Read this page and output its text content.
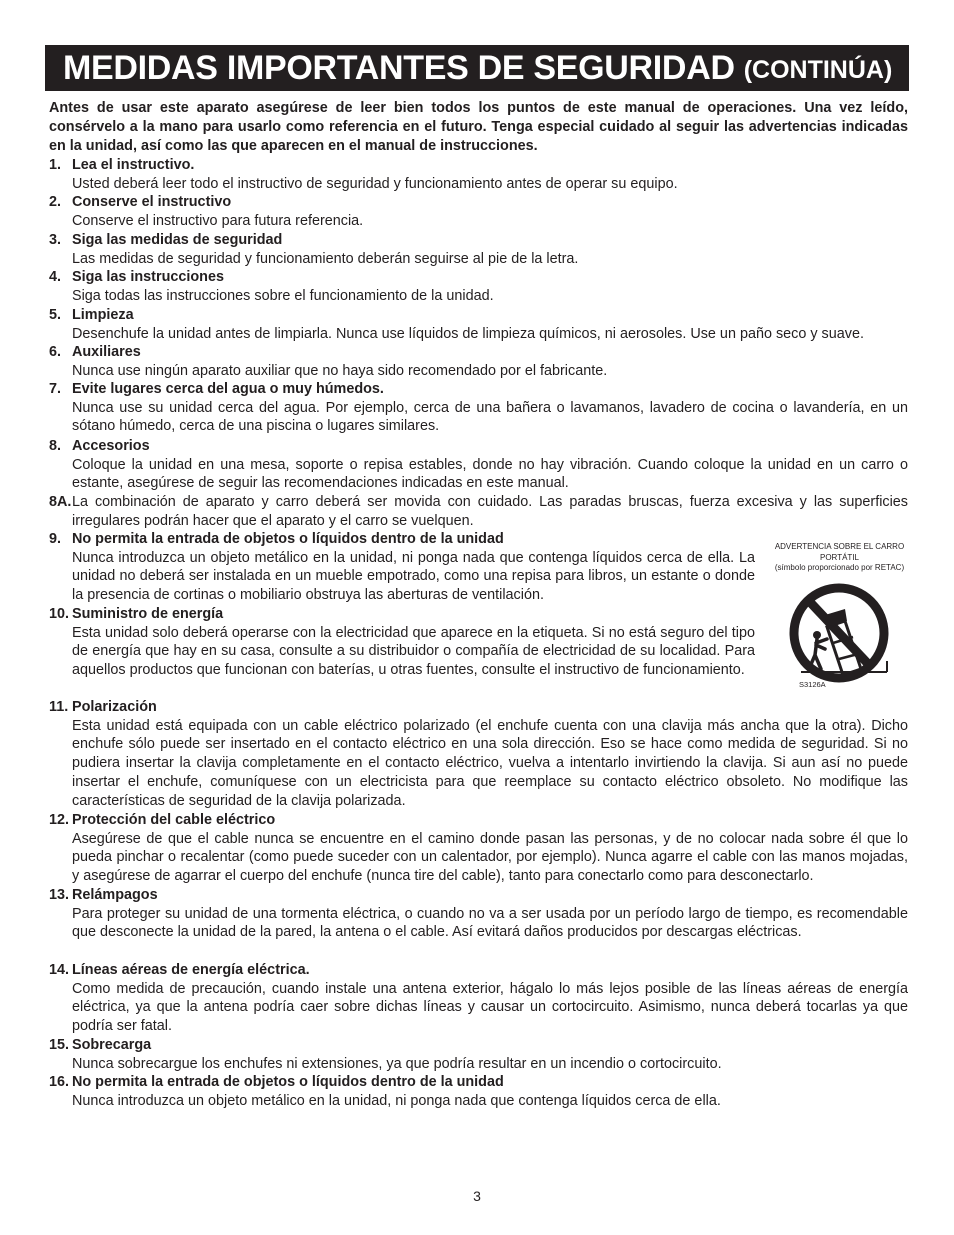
MEDIDAS IMPORTANTES DE SEGURIDAD (CONTINÚA)
Antes de usar este aparato asegúrese de leer bien todos los puntos de este manual de operaciones. Una vez leído, consérvelo a la mano para usarlo como referencia en el futuro. Tenga especial cuidado al seguir las advertencias indicadas en la unidad, así como las que aparecen en el manual de instrucciones.
1. Lea el instructivo.
Usted deberá leer todo el instructivo de seguridad y funcionamiento antes de operar su equipo.
2. Conserve el instructivo
Conserve el instructivo para futura referencia.
3. Siga las medidas de seguridad
Las medidas de seguridad y funcionamiento deberán seguirse al pie de la letra.
4. Siga las instrucciones
Siga todas las instrucciones sobre el funcionamiento de la unidad.
5. Limpieza
Desenchufe la unidad antes de limpiarla. Nunca use líquidos de limpieza químicos, ni aerosoles. Use un paño seco y suave.
6. Auxiliares
Nunca use ningún aparato auxiliar que no haya sido recomendado por el fabricante.
7. Evite lugares cerca del agua o muy húmedos.
Nunca use su unidad cerca del agua. Por ejemplo, cerca de una bañera o lavamanos, lavadero de cocina o lavandería, en un sótano húmedo, cerca de una piscina o lugares similares.
8. Accesorios
Coloque la unidad en una mesa, soporte o repisa estables, donde no hay vibración. Cuando coloque la unidad en un carro o estante, asegúrese de seguir las recomendaciones indicadas en este manual.
8A. La combinación de aparato y carro deberá ser movida con cuidado. Las paradas bruscas, fuerza excesiva y las superficies irregulares podrán hacer que el aparato y el carro se vuelquen.
9. No permita la entrada de objetos o líquidos dentro de la unidad
Nunca introduzca un objeto metálico en la unidad, ni ponga nada que contenga líquidos cerca de ella. La unidad no deberá ser instalada en un mueble empotrado, como una repisa para libros, un estante o donde la presencia de cortinas o mobiliario obstruya las aberturas de ventilación.
10. Suministro de energía
Esta unidad solo deberá operarse con la electricidad que aparece en la etiqueta. Si no está seguro del tipo de energía que hay en su casa, consulte a su distribuidor o compañía de electricidad de su localidad. Para aquellos productos que funcionan con baterías, u otras fuentes, consulte el instructivo de funcionamiento.
11. Polarización
Esta unidad está equipada con un cable eléctrico polarizado (el enchufe cuenta con una clavija más ancha que la otra). Dicho enchufe sólo puede ser insertado en el contacto eléctrico en una sola dirección. Eso se hace como medida de seguridad. Si no pudiera insertar la clavija completamente en el contacto eléctrico, vuelva a intentarlo invirtiendo la clavija. Si aun así no puede insertar el enchufe, comuníquese con un electricista para que reemplace su contacto eléctrico obsoleto. No modifique las características de seguridad de la clavija polarizada.
12. Protección del cable eléctrico
Asegúrese de que el cable nunca se encuentre en el camino donde pasan las personas, y de no colocar nada sobre él que lo pueda pinchar o recalentar (como puede suceder con un calentador, por ejemplo). Nunca agarre el cable con las manos mojadas, y asegúrese de agarrar el cuerpo del enchufe (nunca tire del cable), tanto para conectarlo como para desconectarlo.
13. Relámpagos
Para proteger su unidad de una tormenta eléctrica, o cuando no va a ser usada por un período largo de tiempo, es recomendable que desconecte la unidad de la pared, la antena o el cable. Así evitará daños producidos por descargas eléctricas.
14. Líneas aéreas de energía eléctrica.
Como medida de precaución, cuando instale una antena exterior, hágalo lo más lejos posible de las líneas aéreas de energía eléctrica, ya que la antena podría caer sobre dichas líneas y causar un cortocircuito. Asimismo, nunca deberá tocarlas ya que podría ser fatal.
15. Sobrecarga
Nunca sobrecargue los enchufes ni extensiones, ya que podría resultar en un incendio o cortocircuito.
16. No permita la entrada de objetos o líquidos dentro de la unidad
Nunca introduzca un objeto metálico en la unidad, ni ponga nada que contenga líquidos cerca de ella.
ADVERTENCIA SOBRE EL CARRO PORTÁTIL
(símbolo proporcionado por RETAC)
S3126A
3
